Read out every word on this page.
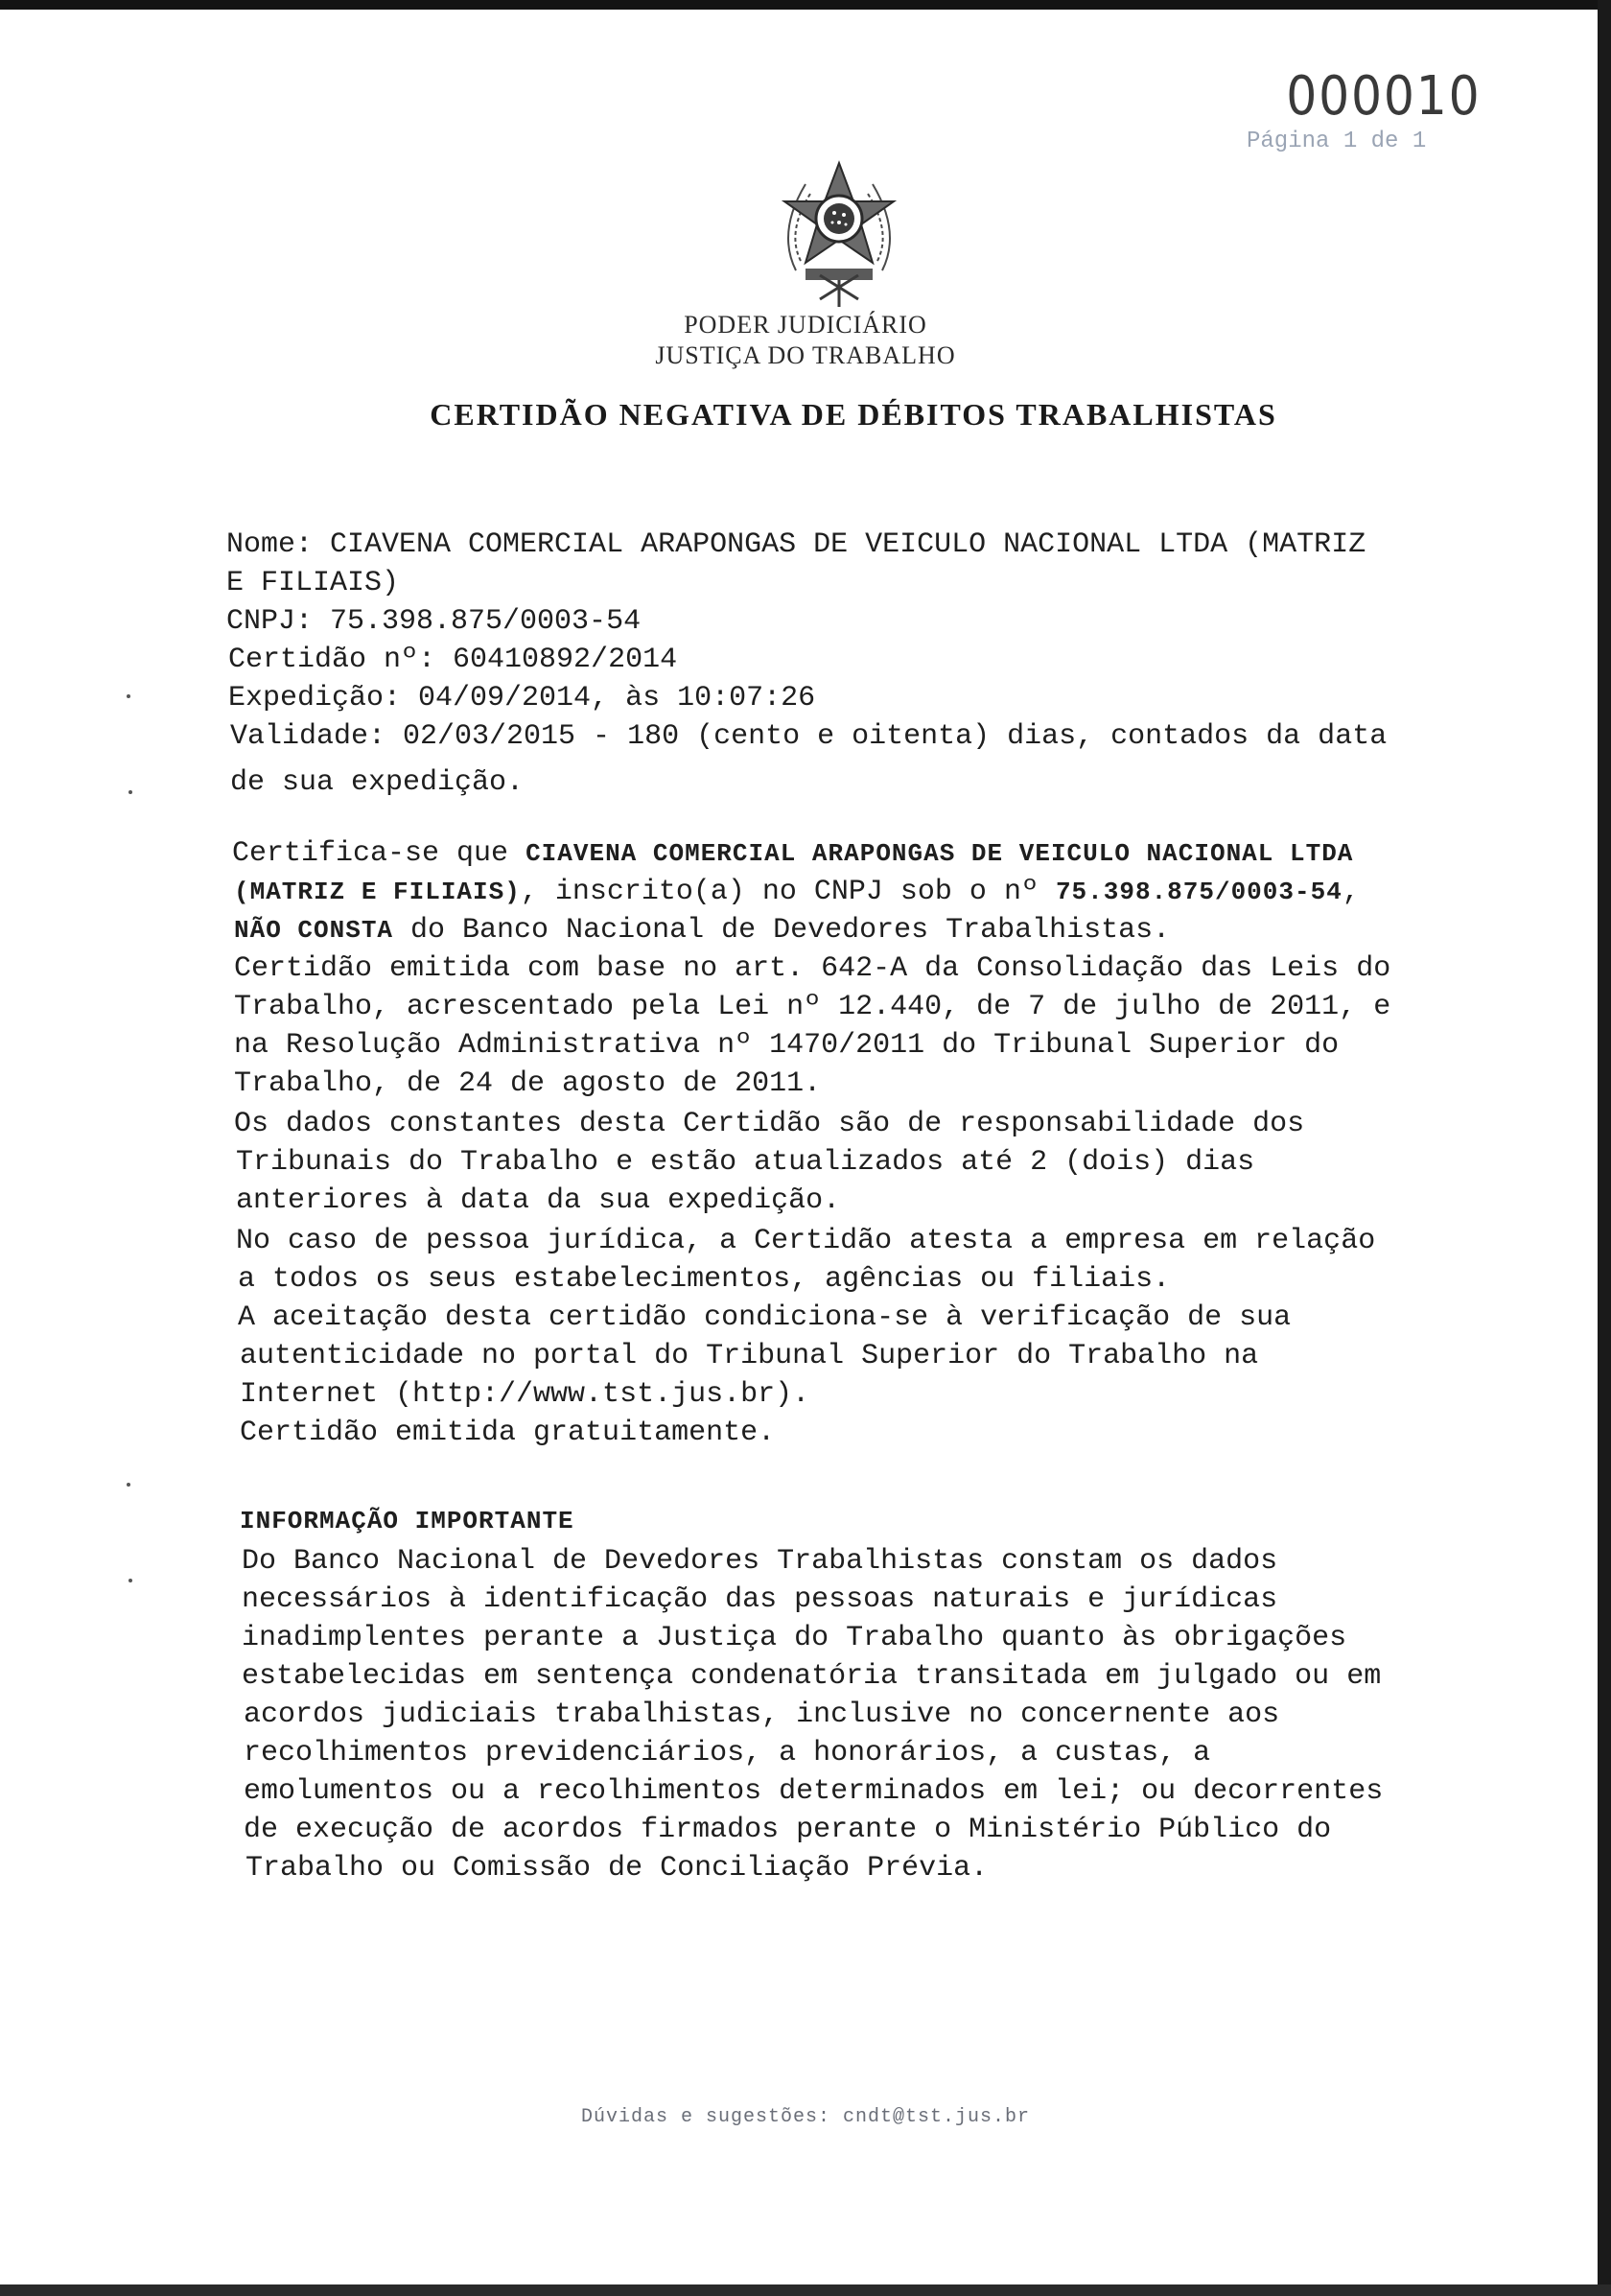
000010
Página 1 de 1
PODER JUDICIÁRIO
JUSTIÇA DO TRABALHO
CERTIDÃO NEGATIVA DE DÉBITOS TRABALHISTAS
Nome: CIAVENA COMERCIAL ARAPONGAS DE VEICULO NACIONAL LTDA (MATRIZ
E FILIAIS)
CNPJ: 75.398.875/0003-54
Certidão nº: 60410892/2014
Expedição: 04/09/2014, às 10:07:26
Validade: 02/03/2015 - 180 (cento e oitenta) dias, contados da data
de sua expedição.
Certifica-se que CIAVENA COMERCIAL ARAPONGAS DE VEICULO NACIONAL LTDA
(MATRIZ E FILIAIS), inscrito(a) no CNPJ sob o nº 75.398.875/0003-54,
NÃO CONSTA do Banco Nacional de Devedores Trabalhistas.
Certidão emitida com base no art. 642-A da Consolidação das Leis do
Trabalho, acrescentado pela Lei nº 12.440, de 7 de julho de 2011, e
na Resolução Administrativa nº 1470/2011 do Tribunal Superior do
Trabalho, de 24 de agosto de 2011.
Os dados constantes desta Certidão são de responsabilidade dos
Tribunais do Trabalho e estão atualizados até 2 (dois) dias
anteriores à data da sua expedição.
No caso de pessoa jurídica, a Certidão atesta a empresa em relação
a todos os seus estabelecimentos, agências ou filiais.
A aceitação desta certidão condiciona-se à verificação de sua
autenticidade no portal do Tribunal Superior do Trabalho na
Internet (http://www.tst.jus.br).
Certidão emitida gratuitamente.
INFORMAÇÃO IMPORTANTE
Do Banco Nacional de Devedores Trabalhistas constam os dados
necessários à identificação das pessoas naturais e jurídicas
inadimplentes perante a Justiça do Trabalho quanto às obrigações
estabelecidas em sentença condenatória transitada em julgado ou em
acordos judiciais trabalhistas, inclusive no concernente aos
recolhimentos previdenciários, a honorários, a custas, a
emolumentos ou a recolhimentos determinados em lei; ou decorrentes
de execução de acordos firmados perante o Ministério Público do
Trabalho ou Comissão de Conciliação Prévia.
Dúvidas e sugestões: cndt@tst.jus.br
